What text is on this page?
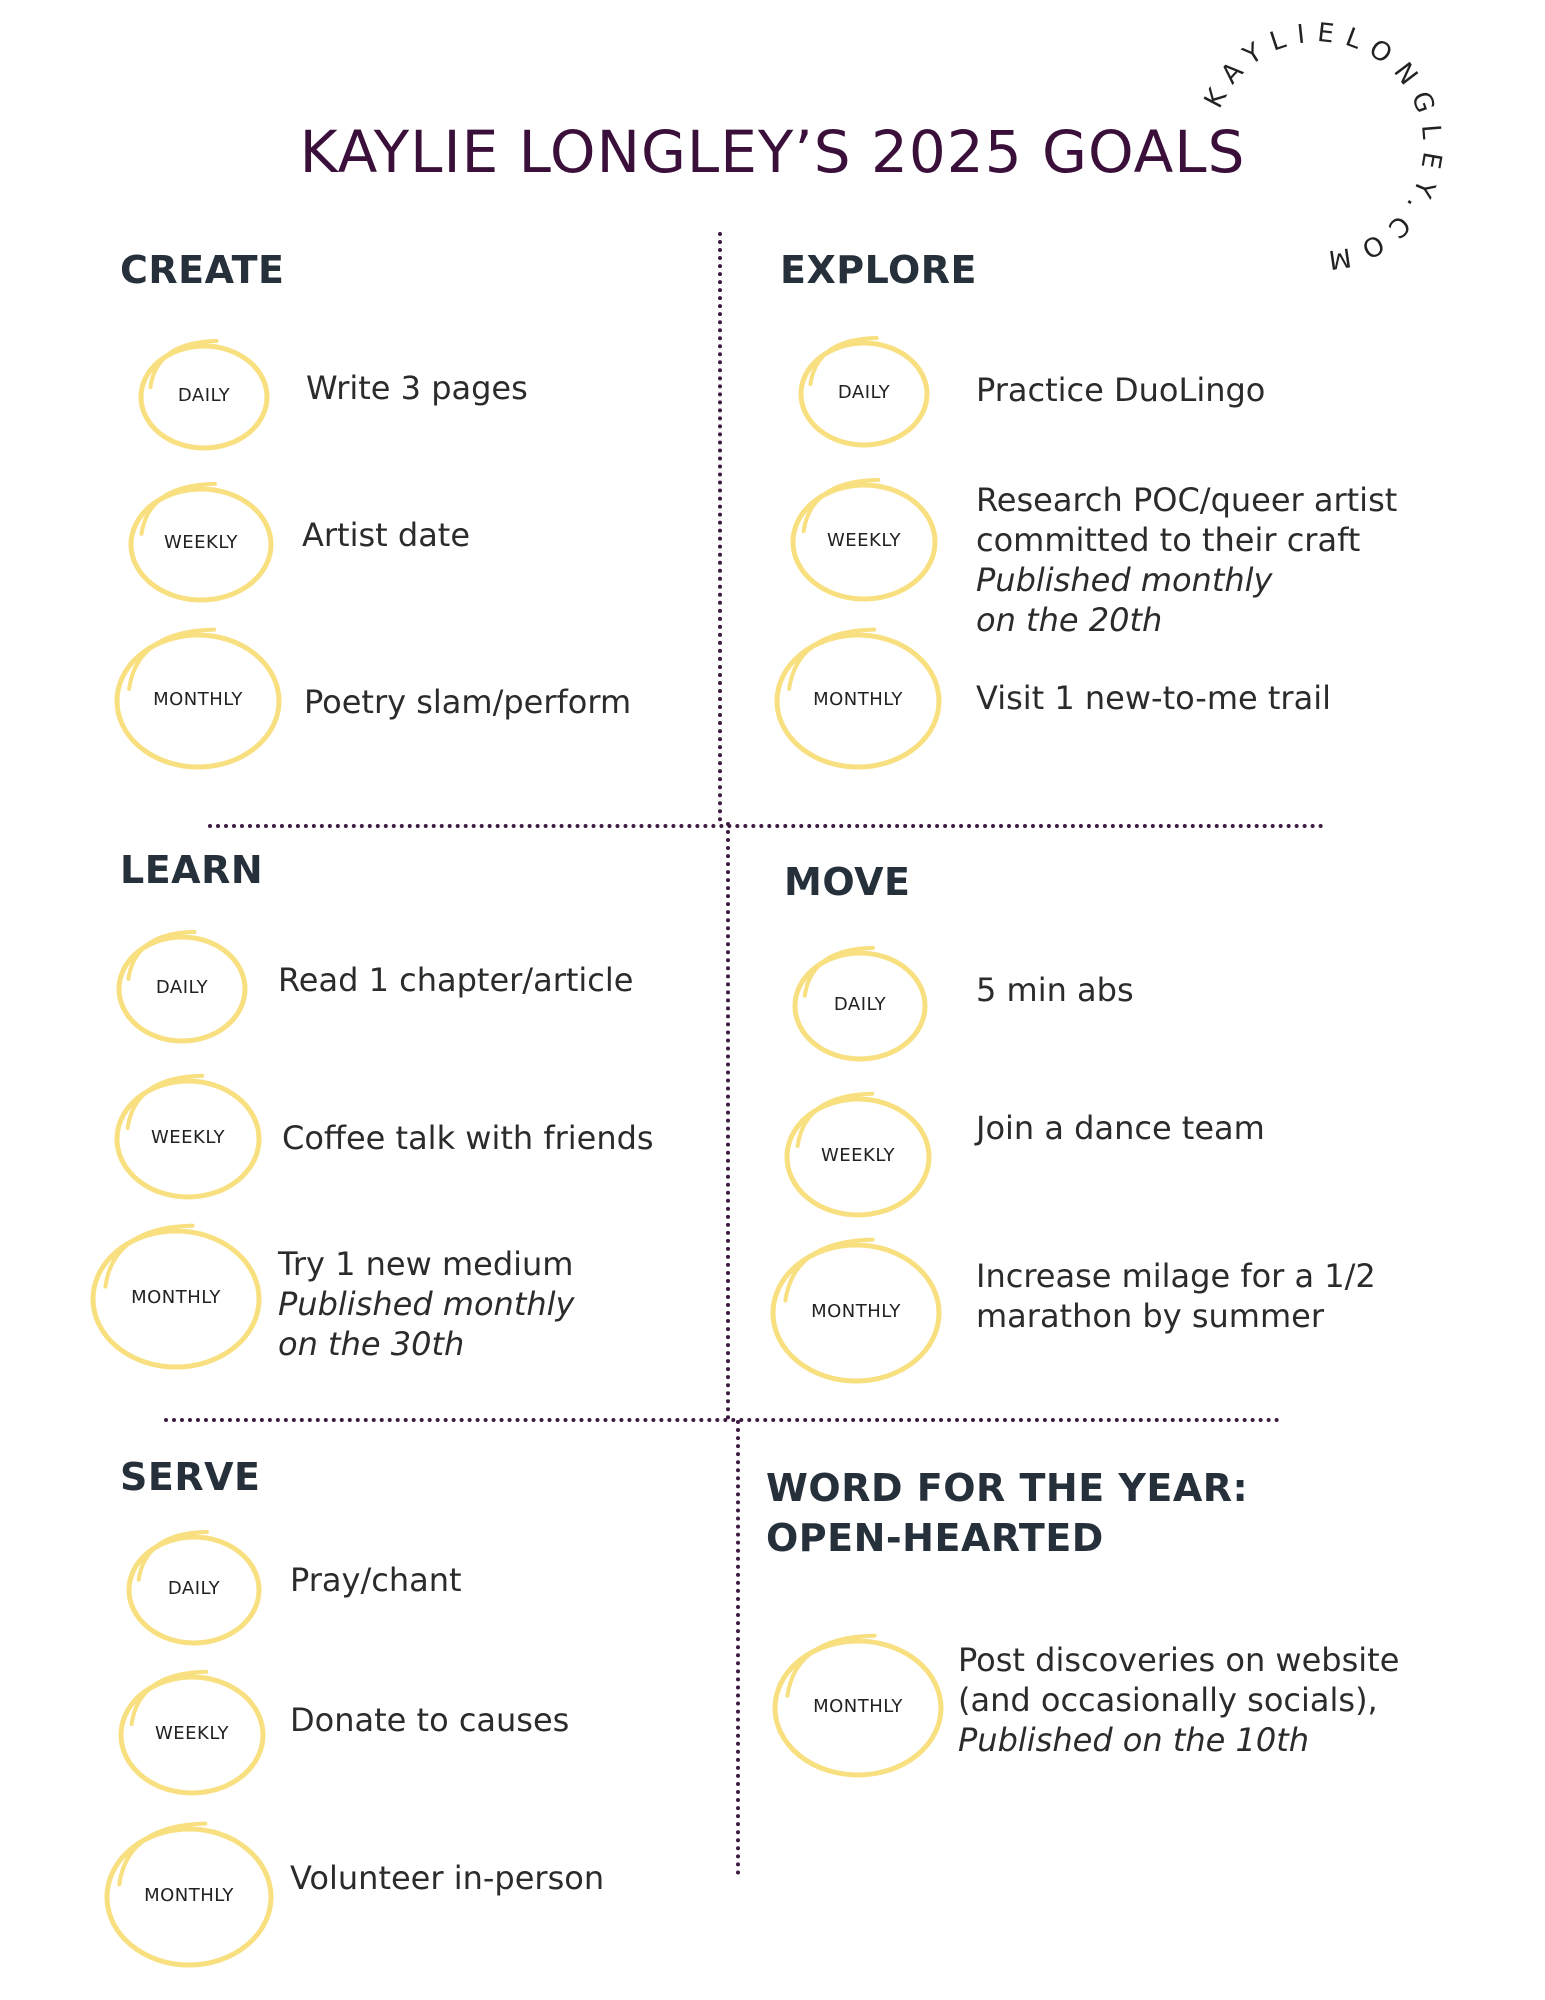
KAYLIE LONGLEY’S 2025 GOALS
KAYLIELONGLEY.COM
CREATE
DAILY	Write 3 pages
WEEKLY	Artist date
MONTHLY	Poetry slam/perform
EXPLORE
DAILY	Practice DuoLingo
WEEKLY
Research POC/queer artist
committed to their craft
Published monthly
on the 20th
MONTHLY	Visit 1 new-to-me trail
LEARN
DAILY	Read 1 chapter/article
WEEKLY	Coffee talk with friends
MONTHLY
Try 1 new medium
Published monthly
on the 30th
MOVE
DAILY	5 min abs
WEEKLY
Join a dance team
MONTHLY
Increase milage for a 1/2
marathon by summer
SERVE
DAILY	Pray/chant
WEEKLY	Donate to causes
MONTHLY	Volunteer in-person
WORD FOR THE YEAR:
OPEN-HEARTED
MONTHLY
Post discoveries on website
(and occasionally socials),
Published on the 10th
